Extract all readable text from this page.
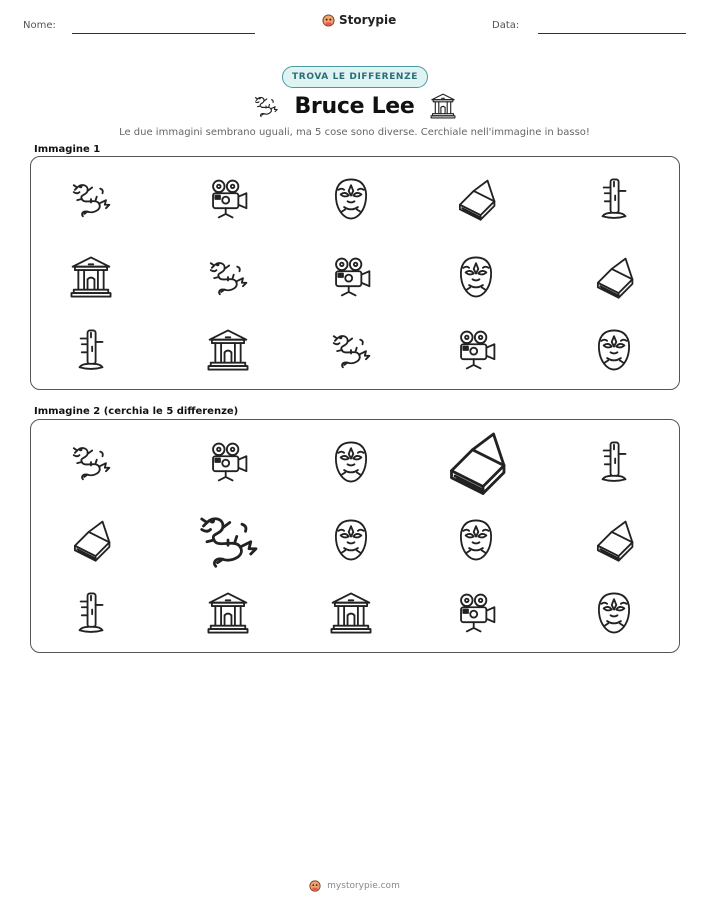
Nome:	Storypie	Data:
TROVA LE DIFFERENZE
Bruce Lee
Le due immagini sembrano uguali, ma 5 cose sono diverse. Cerchiale nell'immagine in basso!
Immagine 1
Immagine 2 (cerchia le 5 differenze)
mystorypie.com
